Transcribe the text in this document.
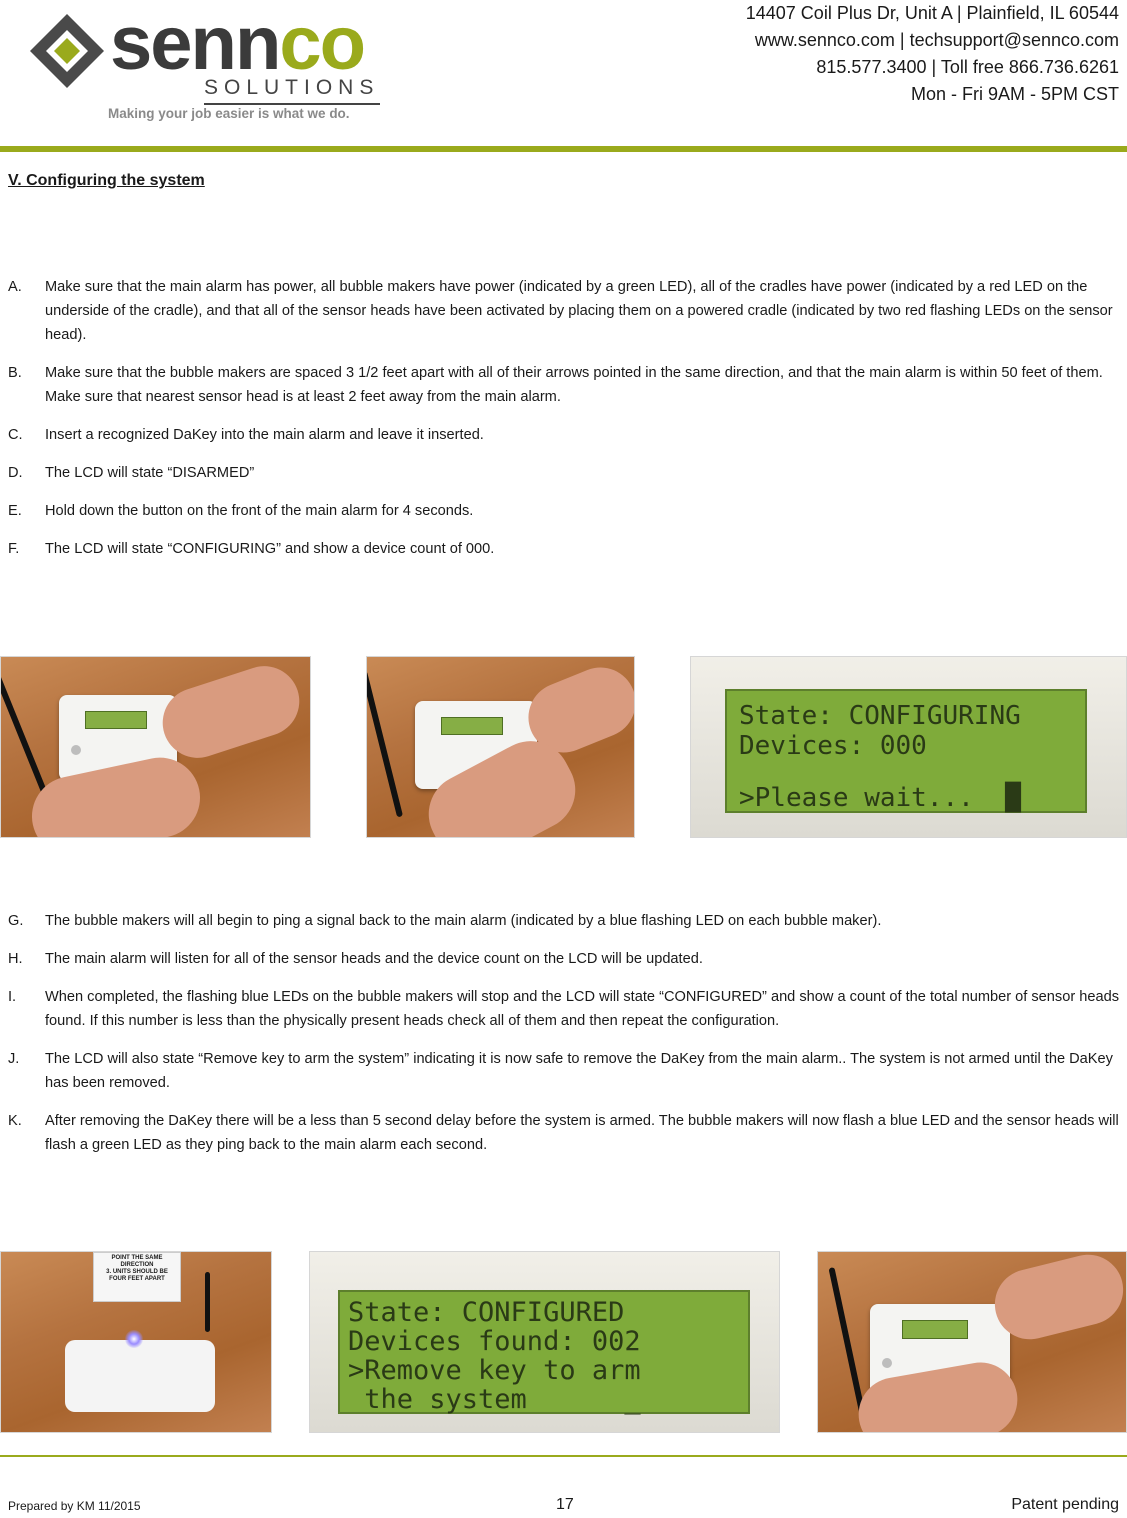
sennco
SOLUTIONS
Making your job easier is what we do.
14407 Coil Plus Dr, Unit A | Plainfield, IL 60544
www.sennco.com | techsupport@sennco.com
815.577.3400 | Toll free 866.736.6261
Mon - Fri 9AM - 5PM CST
V. Configuring the system
A. Make sure that the main alarm has power, all bubble makers have power (indicated by a green LED), all of the cradles have power (indicated by a red LED on the underside of the cradle), and that all of the sensor heads have been activated by placing them on a powered cradle (indicated by two red flashing LEDs on the sensor head).
B. Make sure that the bubble makers are spaced 3 1/2 feet apart with all of their arrows pointed in the same direction, and that the main alarm is within 50 feet of them. Make sure that nearest sensor head is at least 2 feet away from the main alarm.
C. Insert a recognized DaKey into the main alarm and leave it inserted.
D. The LCD will state “DISARMED”
E. Hold down the button on the front of the main alarm for 4 seconds.
F. The LCD will state “CONFIGURING” and show a device count of 000.
State: CONFIGURING
Devices: 000
>Please wait...  █
G. The bubble makers will all begin to ping a signal back to the main alarm (indicated by a blue flashing LED on each bubble maker).
H. The main alarm will listen for all of the sensor heads and the device count on the LCD will be updated.
I. When completed, the flashing blue LEDs on the bubble makers will stop and the LCD will state “CONFIGURED” and show a count of the total number of sensor heads found. If this number is less than the physically present heads check all of them and then repeat the configuration.
J. The LCD will also state “Remove key to arm the system” indicating it is now safe to remove the DaKey from the main alarm.. The system is not armed until the DaKey has been removed.
K. After removing the DaKey there will be a less than 5 second delay before the system is armed. The bubble makers will now flash a blue LED and the sensor heads will flash a green LED as they ping back to the main alarm each second.
POINT THE SAME
DIRECTION
3. UNITS SHOULD BE
FOUR FEET APART
State: CONFIGURED
Devices found: 002
>Remove key to arm
the system      _
Prepared by KM 11/2015	17	Patent pending
